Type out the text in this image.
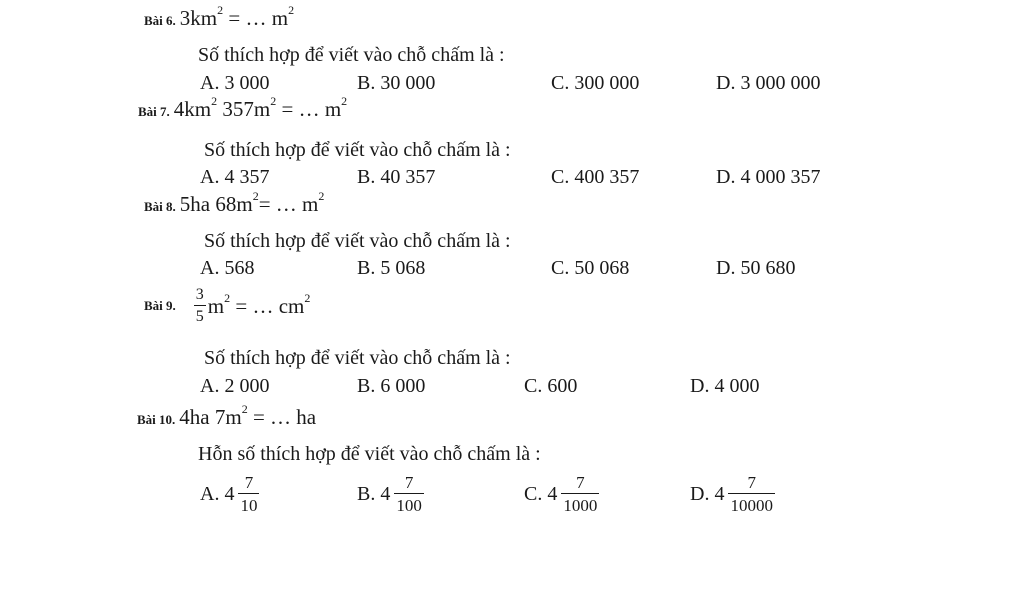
Bài 6. $3km^2$ = … $m^2$
Số thích hợp để viết vào chỗ chấm là :
A. 3 000	B. 30 000	C. 300 000	D. 3 000 000
Bài 7. $4km^2$ $357m^2$ = … $m^2$
Số thích hợp để viết vào chỗ chấm là :
A. 4 357	B. 40 357	C. 400 357	D. 4 000 357
Bài 8. 5ha $68m^2=$ … $m^2$
Số thích hợp để viết vào chỗ chấm là :
A. 568	B. 5 068	C. 50 068	D. 50 680
Bài 9. $\frac{3}{5} m^2$ = … $cm^2$
Số thích hợp để viết vào chỗ chấm là :
A. 2 000	B. 6 000	C. 600	D. 4 000
Bài 10. 4ha $7m^2$ = … ha
Hỗn số thích hợp để viết vào chỗ chấm là :
A. $4 \frac{7}{10}$	B. $4 \frac{7}{100}$	C. $4 \frac{7}{1000}$	D. $4 \frac{7}{10000}$
